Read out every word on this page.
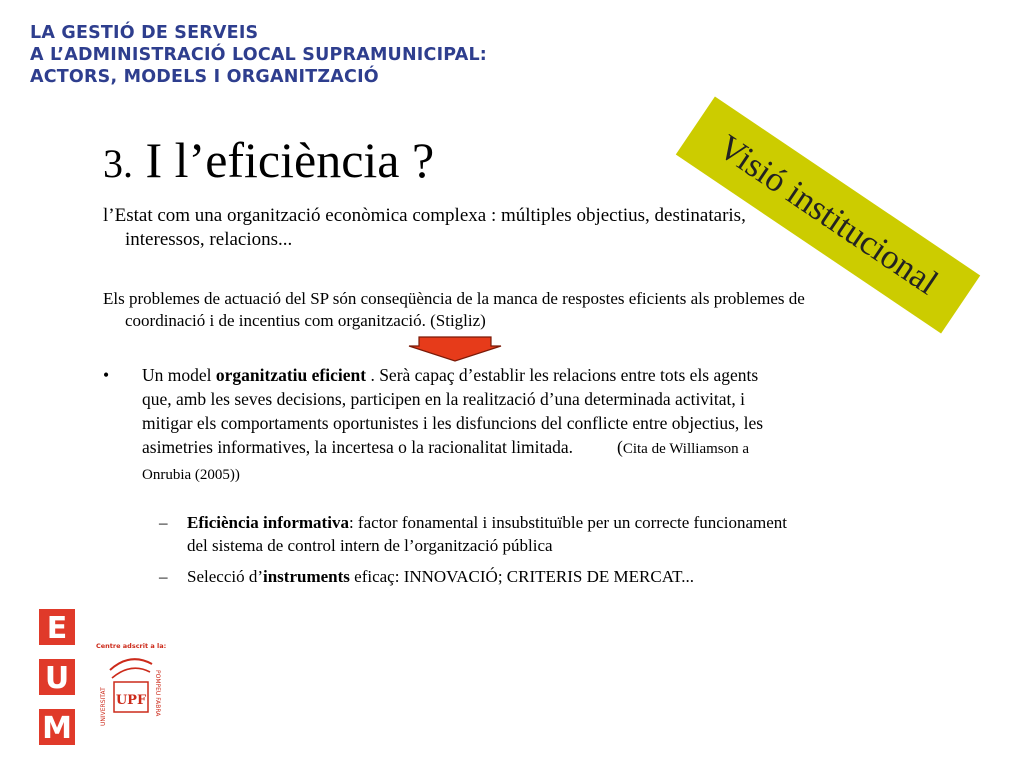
LA GESTIÓ DE SERVEIS
A L’ADMINISTRACIÓ LOCAL SUPRAMUNICIPAL:
ACTORS, MODELS I ORGANITZACIÓ
3. I l’eficiència ?
l’Estat com una organització econòmica complexa : múltiples objectius, destinataris, interessos, relacions...
Els problemes de actuació del SP són conseqüència de la manca de respostes eficients als problemes de coordinació i de incentius com organització. (Stigliz)
• Un model organitzatiu eficient . Serà capaç d’establir les relacions entre tots els agents que, amb les seves decisions, participen en la realització d’una determinada activitat, i mitigar els comportaments oportunistes i les disfuncions del conflicte entre objectius, les asimetries informatives, la incertesa o la racionalitat limitada.	(Cita de Williamson a Onrubia (2005))
– Eficiència informativa: factor fonamental i insubstituïble per un correcte funcionament del sistema de control intern de l’organització pública
– Selecció d’instruments eficaç: INNOVACIÓ; CRITERIS DE MERCAT...
Visió institucional
E
U
M
Centre adscrit a la:
UNIVERSITAT	POMPEU FABRA
UPF
